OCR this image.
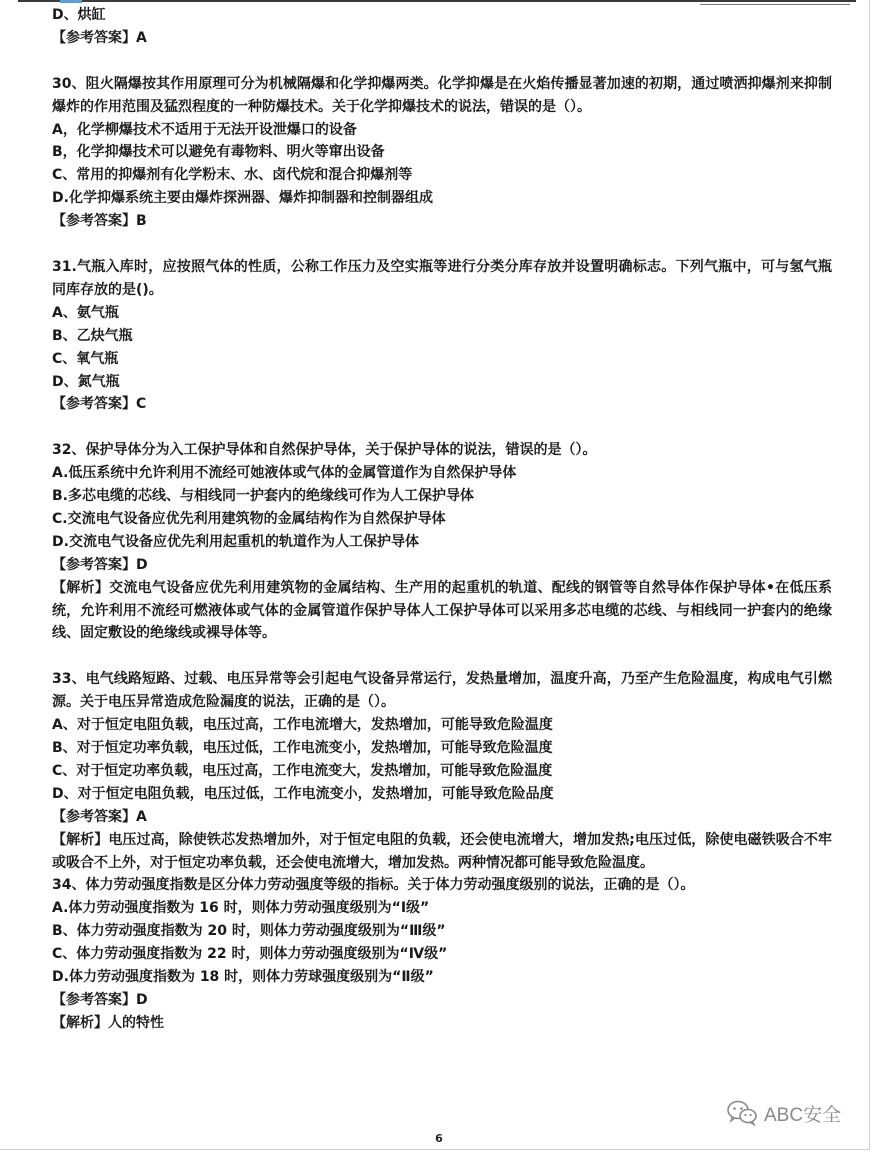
D、烘缸
【参考答案】A
30、阻火隔爆按其作用原理可分为机械隔爆和化学抑爆两类。化学抑爆是在火焰传播显著加速的初期，通过喷洒抑爆剂来抑制爆炸的作用范围及猛烈程度的一种防爆技术。关于化学抑爆技术的说法，错误的是（）。
A，化学柳爆技术不适用于无法开设泄爆口的设备
B，化学抑爆技术可以避免有毒物料、明火等窜出设备
C、常用的抑爆剂有化学粉末、水、卤代烷和混合抑爆剂等
D.化学抑爆系统主要由爆炸探洲器、爆炸抑制器和控制器组成
【参考答案】B
31.气瓶入库时，应按照气体的性质，公称工作压力及空实瓶等进行分类分库存放并设置明确标志。下列气瓶中，可与氢气瓶同库存放的是()。
A、氨气瓶
B、乙炔气瓶
C、氧气瓶
D、氮气瓶
【参考答案】C
32、保护导体分为入工保护导体和自然保护导体，关于保护导体的说法，错误的是（）。
A.低压系统中允许利用不流经可她液体或气体的金属管道作为自然保护导体
B.多芯电缆的芯线、与相线同一护套内的绝缘线可作为人工保护导体
C.交流电气设备应优先利用建筑物的金属结构作为自然保护导体
D.交流电气设备应优先利用起重机的轨道作为人工保护导体
【参考答案】D
【解析】交流电气设备应优先利用建筑物的金属结构、生产用的起重机的轨道、配线的钢管等自然导体作保护导体•在低压系统，允许利用不流经可燃液体或气体的金属管道作保护导体人工保护导体可以采用多芯电缆的芯线、与相线同一护套内的绝缘线、固定敷设的绝缘线或裸导体等。
33、电气线路短路、过载、电压异常等会引起电气设备异常运行，发热量增加，温度升高，乃至产生危险温度，构成电气引燃源。关于电压异常造成危险漏度的说法，正确的是（）。
A、对于恒定电阻负载，电压过高，工作电流增大，发热增加，可能导致危险温度
B、对于恒定功率负载，电压过低，工作电流变小，发热增加，可能导致危险温度
C、对于恒定功率负载，电压过高，工作电流变大，发热增加，可能导致危险温度
D、对于恒定电阻负载，电压过低，工作电流变小，发热增加，可能导致危险品度
【参考答案】A
【解析】电压过高，除使铁芯发热增加外，对于恒定电阻的负载，还会使电流增大，增加发热;电压过低，除使电磁铁吸合不牢或吸合不上外，对于恒定功率负载，还会使电流增大，增加发热。两种情况都可能导致危险温度。
34、体力劳动强度指数是区分体力劳动强度等级的指标。关于体力劳动强度级别的说法，正确的是（）。
A.体力劳动强度指数为 16 时，则体力劳动强度级别为“Ⅰ级”
B、体力劳动强度指数为 20 时，则体力劳动强度级别为“Ⅲ级”
C、体力劳动强度指数为 22 时，则体力劳动强度级别为“Ⅳ级”
D.体力劳动强度指数为 18 时，则体力劳球强度级别为“Ⅱ级”
【参考答案】D
【解析】人的特性
ABC安全
6
